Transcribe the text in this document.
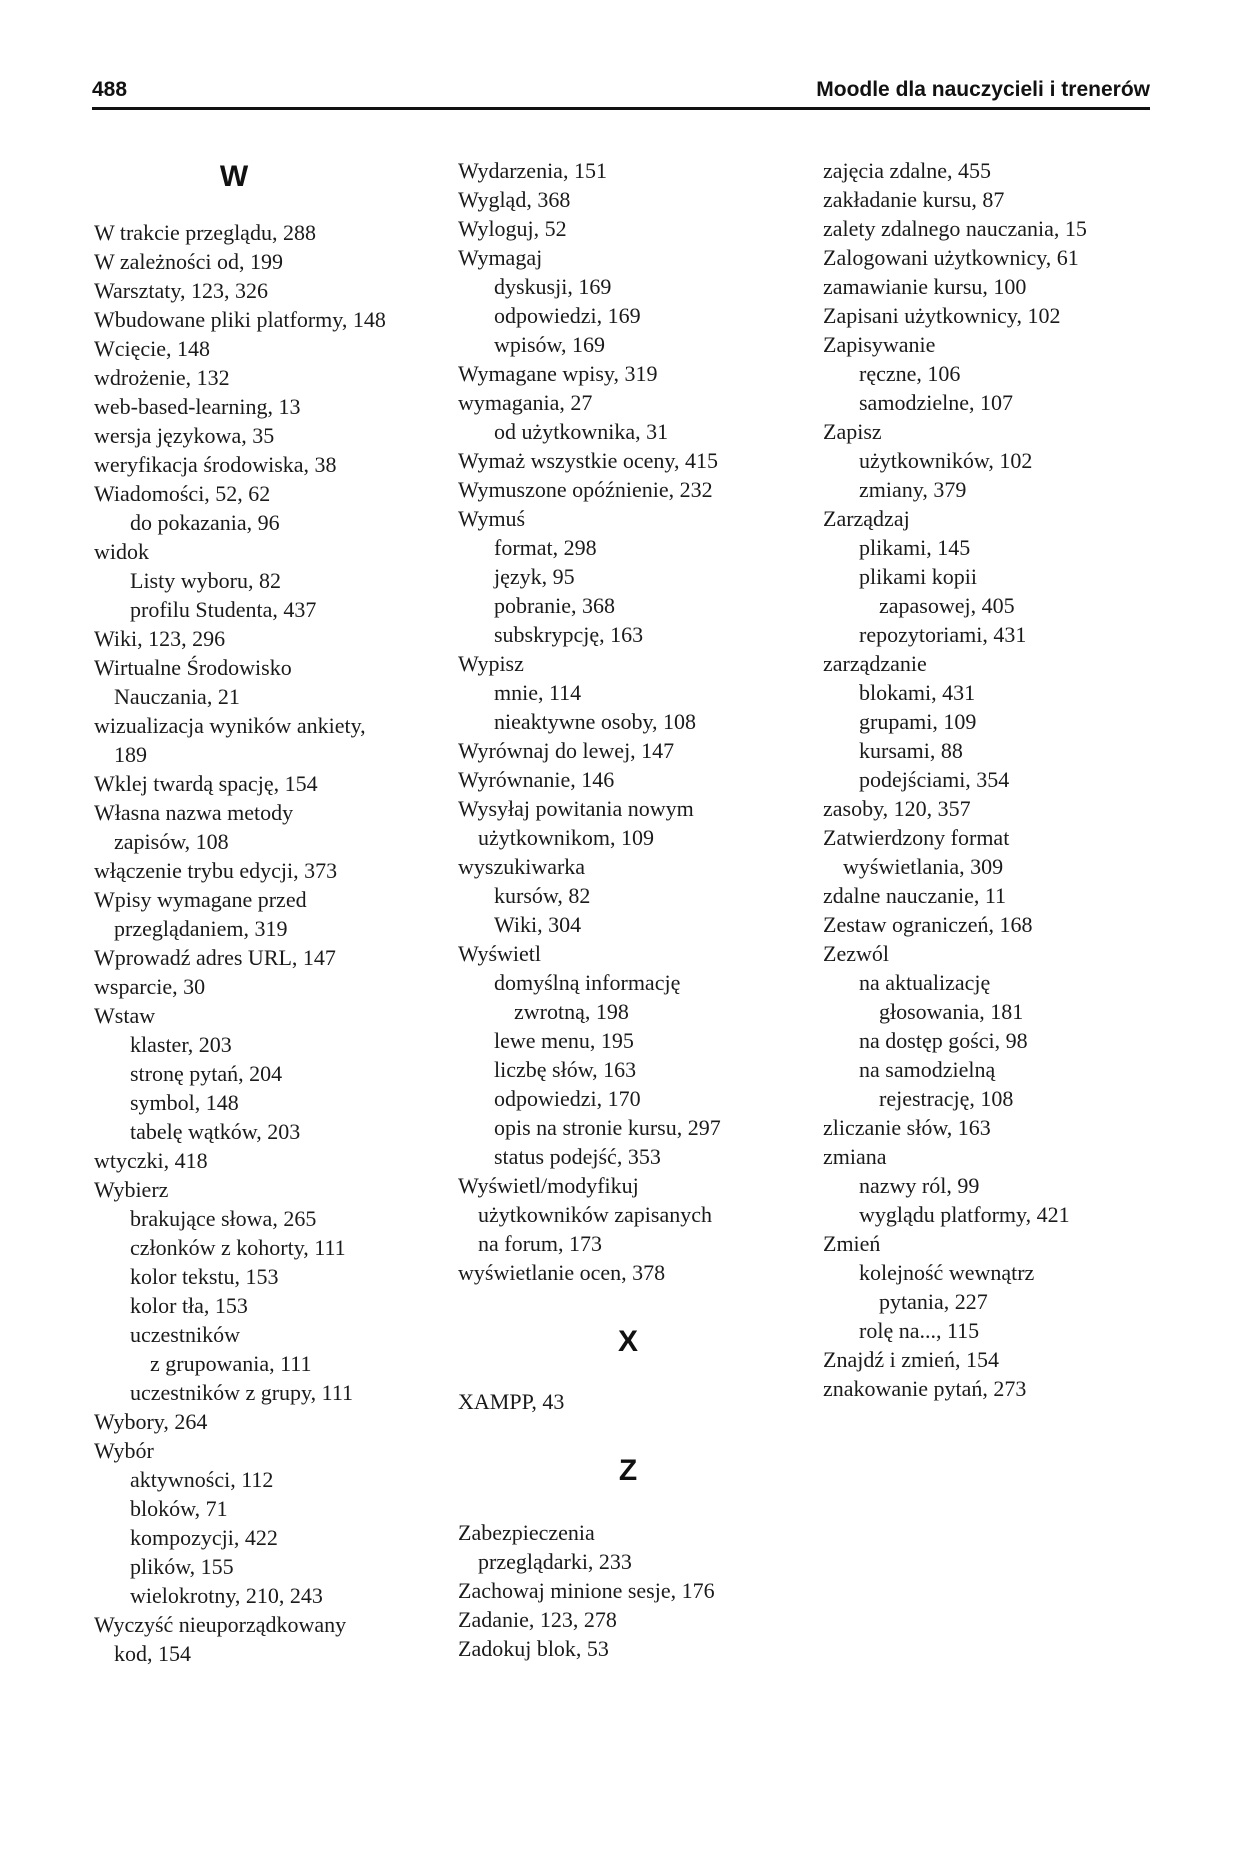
488	Moodle dla nauczycieli i trenerów
W
W trakcie przeglądu, 288
W zależności od, 199
Warsztaty, 123, 326
Wbudowane pliki platformy, 148
Wcięcie, 148
wdrożenie, 132
web-based-learning, 13
wersja językowa, 35
weryfikacja środowiska, 38
Wiadomości, 52, 62
do pokazania, 96
widok
Listy wyboru, 82
profilu Studenta, 437
Wiki, 123, 296
Wirtualne Środowisko
Nauczania, 21
wizualizacja wyników ankiety,
189
Wklej twardą spację, 154
Własna nazwa metody
zapisów, 108
włączenie trybu edycji, 373
Wpisy wymagane przed
przeglądaniem, 319
Wprowadź adres URL, 147
wsparcie, 30
Wstaw
klaster, 203
stronę pytań, 204
symbol, 148
tabelę wątków, 203
wtyczki, 418
Wybierz
brakujące słowa, 265
członków z kohorty, 111
kolor tekstu, 153
kolor tła, 153
uczestników
z grupowania, 111
uczestników z grupy, 111
Wybory, 264
Wybór
aktywności, 112
bloków, 71
kompozycji, 422
plików, 155
wielokrotny, 210, 243
Wyczyść nieuporządkowany
kod, 154
Wydarzenia, 151
Wygląd, 368
Wyloguj, 52
Wymagaj
dyskusji, 169
odpowiedzi, 169
wpisów, 169
Wymagane wpisy, 319
wymagania, 27
od użytkownika, 31
Wymaż wszystkie oceny, 415
Wymuszone opóźnienie, 232
Wymuś
format, 298
język, 95
pobranie, 368
subskrypcję, 163
Wypisz
mnie, 114
nieaktywne osoby, 108
Wyrównaj do lewej, 147
Wyrównanie, 146
Wysyłaj powitania nowym
użytkownikom, 109
wyszukiwarka
kursów, 82
Wiki, 304
Wyświetl
domyślną informację
zwrotną, 198
lewe menu, 195
liczbę słów, 163
odpowiedzi, 170
opis na stronie kursu, 297
status podejść, 353
Wyświetl/modyfikuj
użytkowników zapisanych
na forum, 173
wyświetlanie ocen, 378
X
XAMPP, 43
Z
Zabezpieczenia
przeglądarki, 233
Zachowaj minione sesje, 176
Zadanie, 123, 278
Zadokuj blok, 53
zajęcia zdalne, 455
zakładanie kursu, 87
zalety zdalnego nauczania, 15
Zalogowani użytkownicy, 61
zamawianie kursu, 100
Zapisani użytkownicy, 102
Zapisywanie
ręczne, 106
samodzielne, 107
Zapisz
użytkowników, 102
zmiany, 379
Zarządzaj
plikami, 145
plikami kopii
zapasowej, 405
repozytoriami, 431
zarządzanie
blokami, 431
grupami, 109
kursami, 88
podejściami, 354
zasoby, 120, 357
Zatwierdzony format
wyświetlania, 309
zdalne nauczanie, 11
Zestaw ograniczeń, 168
Zezwól
na aktualizację
głosowania, 181
na dostęp gości, 98
na samodzielną
rejestrację, 108
zliczanie słów, 163
zmiana
nazwy ról, 99
wyglądu platformy, 421
Zmień
kolejność wewnątrz
pytania, 227
rolę na..., 115
Znajdź i zmień, 154
znakowanie pytań, 273
